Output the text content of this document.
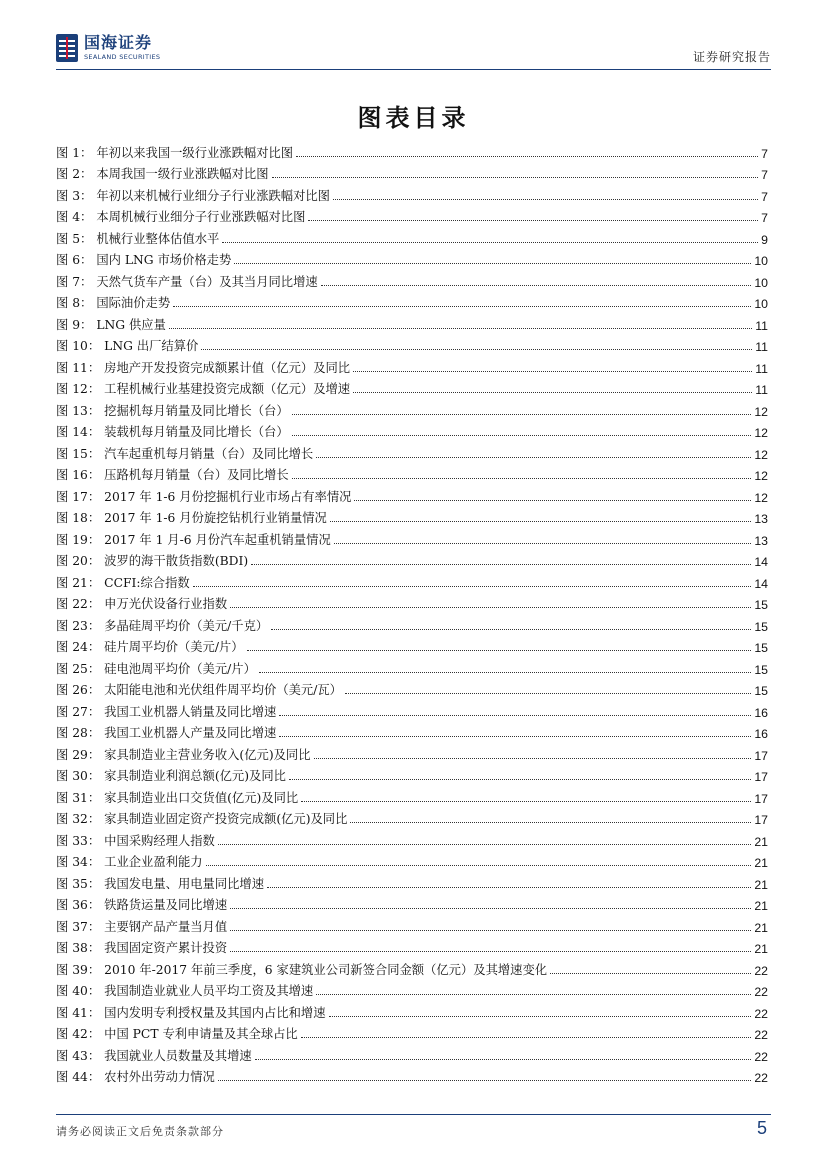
国海证券
SEALAND SECURITIES	证券研究报告
图表目录
图 1： 年初以来我国一级行业涨跌幅对比图	7
图 2： 本周我国一级行业涨跌幅对比图	7
图 3： 年初以来机械行业细分子行业涨跌幅对比图	7
图 4： 本周机械行业细分子行业涨跌幅对比图	7
图 5： 机械行业整体估值水平	9
图 6： 国内 LNG 市场价格走势	10
图 7： 天然气货车产量（台）及其当月同比增速	10
图 8： 国际油价走势	10
图 9： LNG 供应量	11
图 10： LNG 出厂结算价	11
图 11： 房地产开发投资完成额累计值（亿元）及同比	11
图 12： 工程机械行业基建投资完成额（亿元）及增速	11
图 13： 挖掘机每月销量及同比增长（台）	12
图 14： 装载机每月销量及同比增长（台）	12
图 15： 汽车起重机每月销量（台）及同比增长	12
图 16： 压路机每月销量（台）及同比增长	12
图 17： 2017 年 1-6 月份挖掘机行业市场占有率情况	12
图 18： 2017 年 1-6 月份旋挖钻机行业销量情况	13
图 19： 2017 年 1 月-6 月份汽车起重机销量情况	13
图 20： 波罗的海干散货指数(BDI)	14
图 21： CCFI:综合指数	14
图 22： 申万光伏设备行业指数	15
图 23： 多晶硅周平均价（美元/千克）	15
图 24： 硅片周平均价（美元/片）	15
图 25： 硅电池周平均价（美元/片）	15
图 26： 太阳能电池和光伏组件周平均价（美元/瓦）	15
图 27： 我国工业机器人销量及同比增速	16
图 28： 我国工业机器人产量及同比增速	16
图 29： 家具制造业主营业务收入(亿元)及同比	17
图 30： 家具制造业利润总额(亿元)及同比	17
图 31： 家具制造业出口交货值(亿元)及同比	17
图 32： 家具制造业固定资产投资完成额(亿元)及同比	17
图 33： 中国采购经理人指数	21
图 34： 工业企业盈利能力	21
图 35： 我国发电量、用电量同比增速	21
图 36： 铁路货运量及同比增速	21
图 37： 主要钢产品产量当月值	21
图 38： 我国固定资产累计投资	21
图 39： 2010 年-2017 年前三季度，6 家建筑业公司新签合同金额（亿元）及其增速变化	22
图 40： 我国制造业就业人员平均工资及其增速	22
图 41： 国内发明专利授权量及其国内占比和增速	22
图 42： 中国 PCT 专利申请量及其全球占比	22
图 43： 我国就业人员数量及其增速	22
图 44： 农村外出劳动力情况	22
请务必阅读正文后免责条款部分	5
